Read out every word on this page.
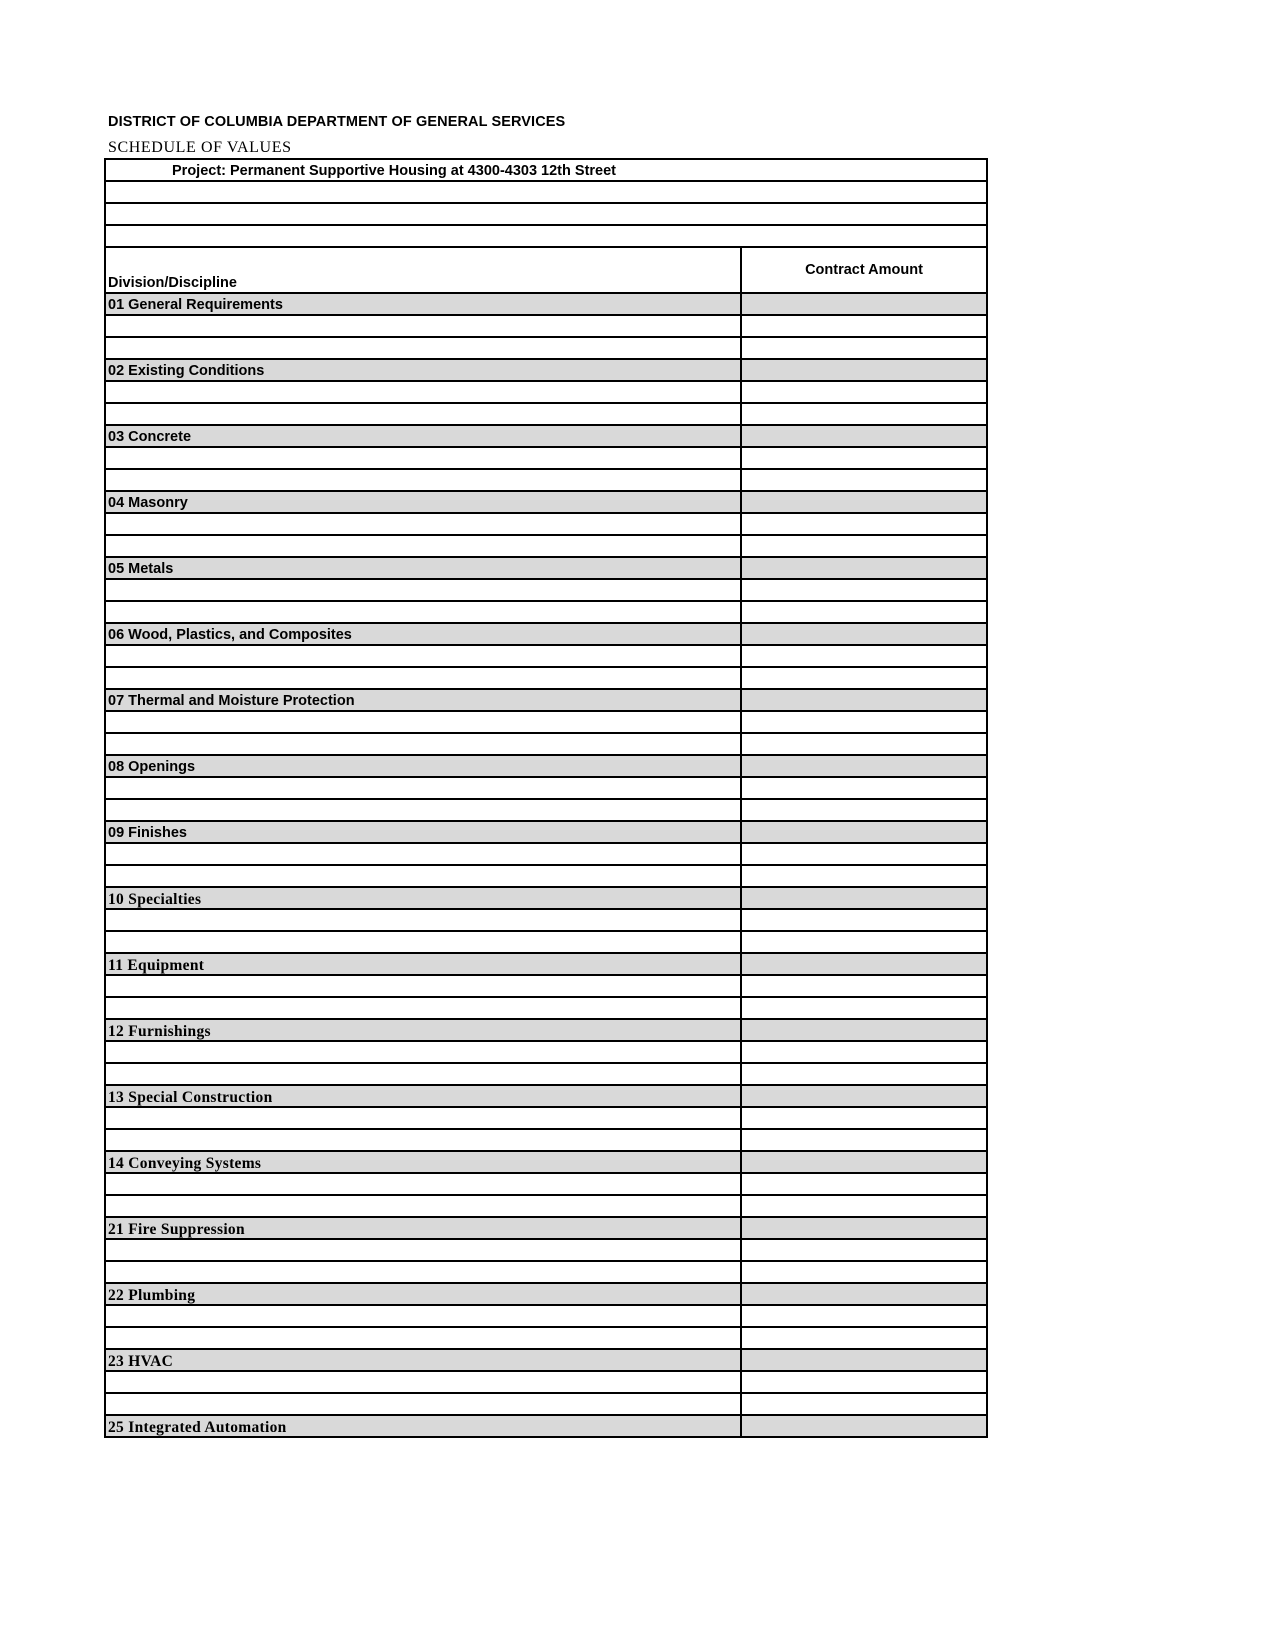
DISTRICT OF COLUMBIA DEPARTMENT OF GENERAL SERVICES
SCHEDULE OF VALUES
Project: Permanent Supportive Housing at 4300-4303 12th Street	

Division/Discipline	Contract Amount
01 General Requirements	

02 Existing Conditions	

03 Concrete	

04 Masonry	

05 Metals	

06 Wood, Plastics, and Composites	

07 Thermal and Moisture Protection	

08 Openings	

09 Finishes	

10 Specialties	

11 Equipment	

12 Furnishings	

13 Special Construction	

14 Conveying Systems	

21 Fire Suppression	

22 Plumbing	

23 HVAC	

25 Integrated Automation	
